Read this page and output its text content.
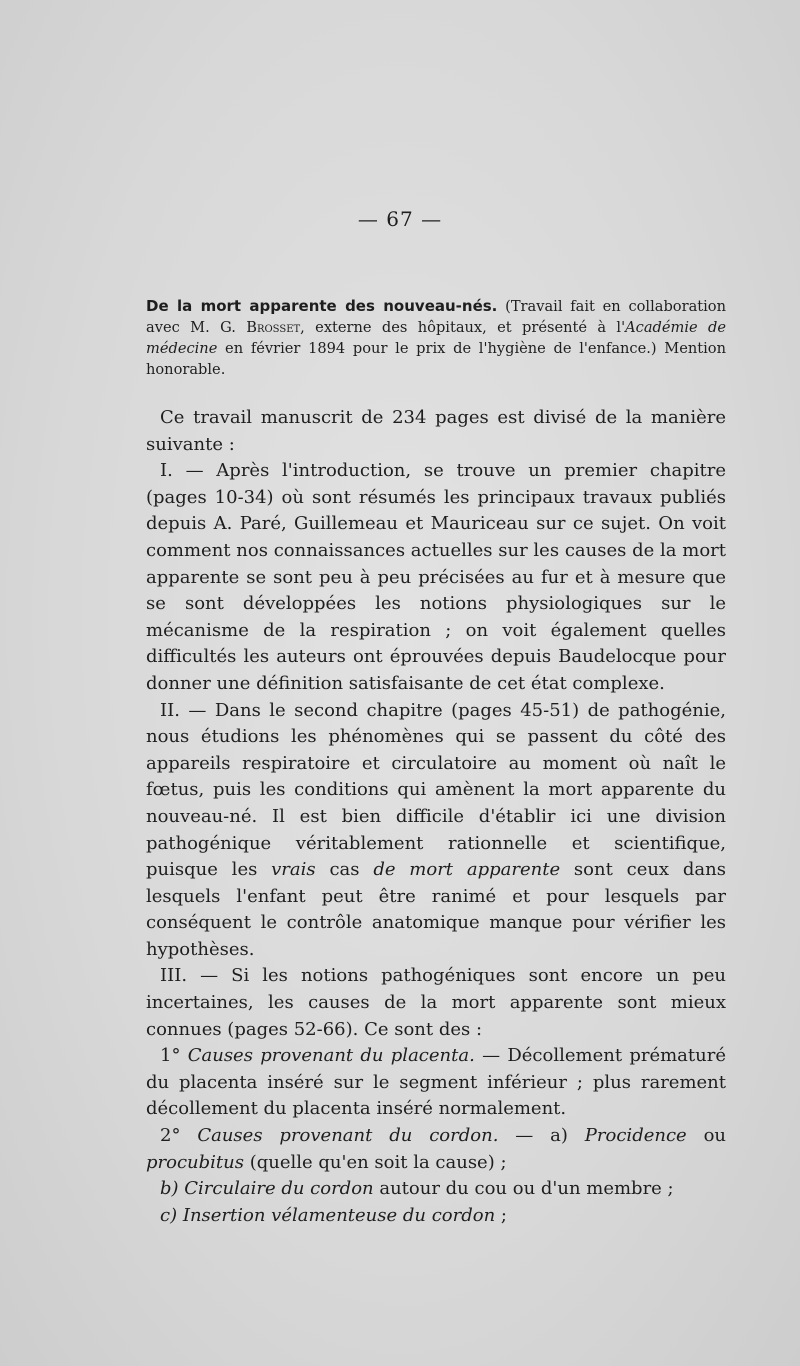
— 67 —
De la mort apparente des nouveau-nés. (Travail fait en collaboration avec M. G. Brosset, externe des hôpitaux, et présenté à l'Académie de médecine en février 1894 pour le prix de l'hygiène de l'enfance.) Mention honorable.

Ce travail manuscrit de 234 pages est divisé de la manière suivante :

I. — Après l'introduction, se trouve un premier chapitre (pages 10-34) où sont résumés les principaux travaux publiés depuis A. Paré, Guillemeau et Mauriceau sur ce sujet. On voit comment nos connaissances actuelles sur les causes de la mort apparente se sont peu à peu précisées au fur et à mesure que se sont développées les notions physiologiques sur le mécanisme de la respiration ; on voit également quelles difficultés les auteurs ont éprouvées depuis Baudelocque pour donner une définition satisfaisante de cet état complexe.

II. — Dans le second chapitre (pages 45-51) de pathogénie, nous étudions les phénomènes qui se passent du côté des appareils respiratoire et circulatoire au moment où naît le fœtus, puis les conditions qui amènent la mort apparente du nouveau-né. Il est bien difficile d'établir ici une division pathogénique véritablement rationnelle et scientifique, puisque les vrais cas de mort apparente sont ceux dans lesquels l'enfant peut être ranimé et pour lesquels par conséquent le contrôle anatomique manque pour vérifier les hypothèses.

III. — Si les notions pathogéniques sont encore un peu incertaines, les causes de la mort apparente sont mieux connues (pages 52-66). Ce sont des :

1° Causes provenant du placenta. — Décollement prématuré du placenta inséré sur le segment inférieur ; plus rarement décollement du placenta inséré normalement.

2° Causes provenant du cordon. — a) Procidence ou procubitus (quelle qu'en soit la cause) ;

b) Circulaire du cordon autour du cou ou d'un membre ;

c) Insertion vélamenteuse du cordon ;
